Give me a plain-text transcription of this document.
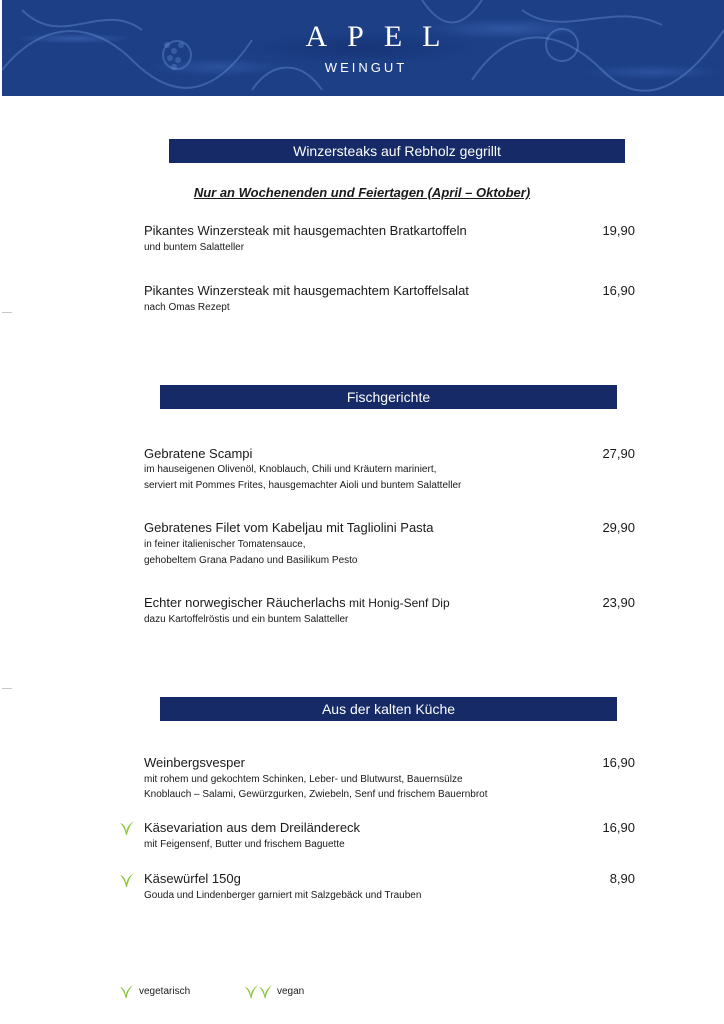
APEL
WEINGUT
Winzersteaks auf Rebholz gegrillt
Nur an Wochenenden und Feiertagen (April – Oktober)
Pikantes Winzersteak mit hausgemachten Bratkartoffeln	19,90
und buntem Salatteller
Pikantes Winzersteak mit hausgemachtem Kartoffelsalat	16,90
nach Omas Rezept
Fischgerichte
Gebratene Scampi	27,90
im hauseigenen Olivenöl, Knoblauch, Chili und Kräutern mariniert,
serviert mit Pommes Frites, hausgemachter Aioli und buntem Salatteller
Gebratenes Filet vom Kabeljau mit Tagliolini Pasta	29,90
in feiner italienischer Tomatensauce,
gehobeltem Grana Padano und Basilikum Pesto
Echter norwegischer Räucherlachs mit Honig-Senf Dip	23,90
dazu Kartoffelröstis und ein buntem Salatteller
Aus der kalten Küche
Weinbergsvesper	16,90
mit rohem und gekochtem Schinken, Leber- und Blutwurst, Bauernsülze
Knoblauch – Salami, Gewürzgurken, Zwiebeln, Senf und frischem Bauernbrot
Käsevariation aus dem Dreiländereck	16,90
mit Feigensenf, Butter und frischem Baguette
Käsewürfel 150g	8,90
Gouda und Lindenberger garniert mit Salzgebäck und Trauben
vegetarisch	vegan
